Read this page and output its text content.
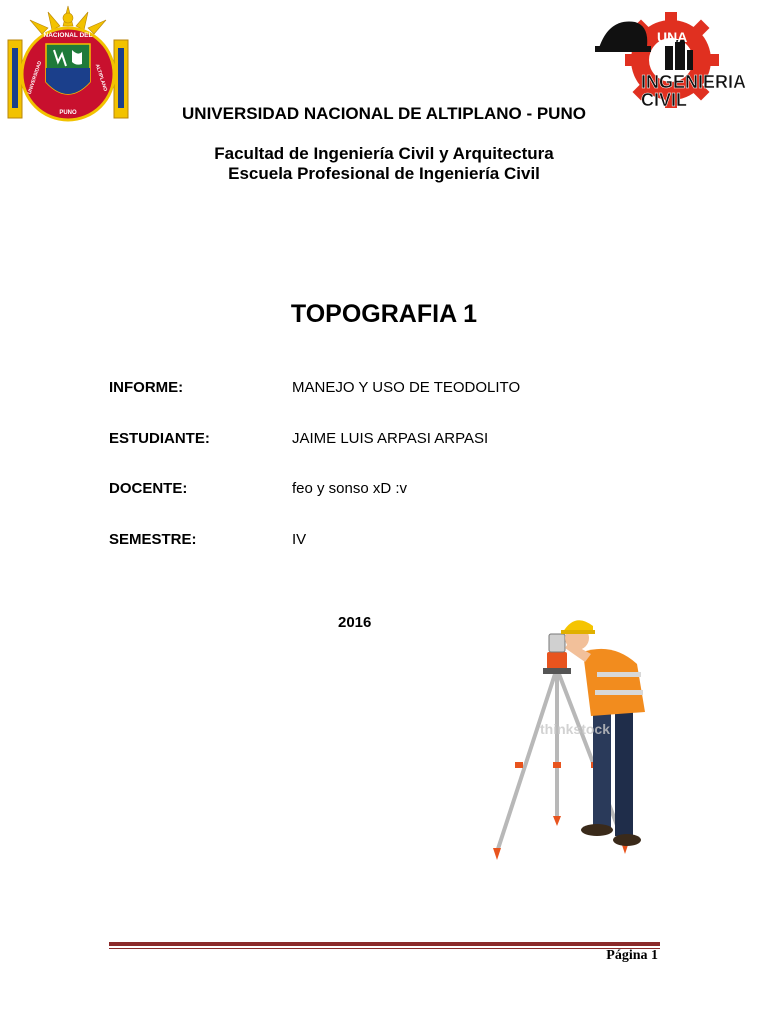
NACIONAL DEL
UNIVERSIDAD	ALTIPLANO
PUNO
UNA
INGENIERIA
CIVIL
UNIVERSIDAD NACIONAL DE ALTIPLANO - PUNO
Facultad de Ingeniería Civil y Arquitectura
Escuela Profesional de Ingeniería Civil
TOPOGRAFIA 1
INFORME:	MANEJO Y USO DE TEODOLITO
ESTUDIANTE:	JAIME LUIS ARPASI ARPASI
DOCENTE:	feo y sonso xD :v
SEMESTRE:	IV
2016
thinkstock
Página 1
